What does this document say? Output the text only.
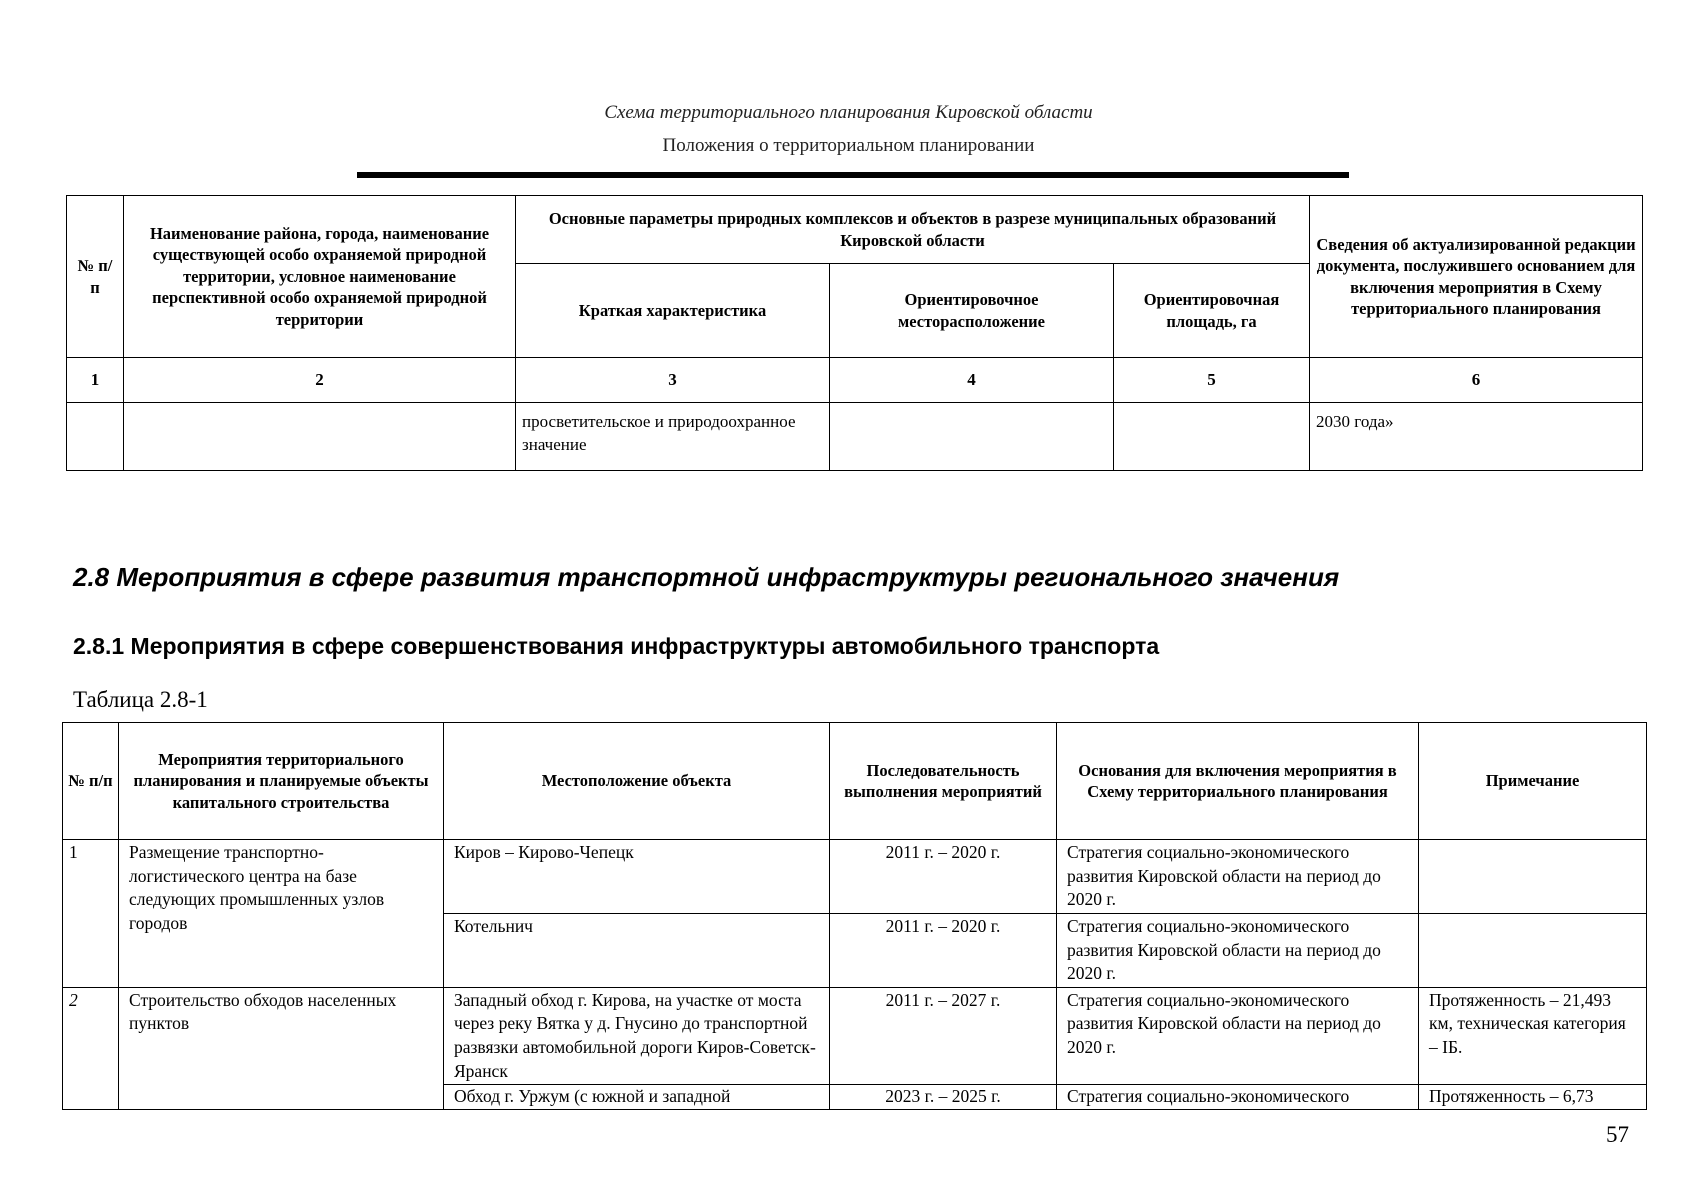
Схема территориального планирования Кировской области
Положения о территориальном планировании
№ п/п	Наименование района, города, наименование существующей особо охраняемой природной территории, условное наименование перспективной особо охраняемой природной территории	Основные параметры природных комплексов и объектов в разрезе муниципальных образований Кировской области			Сведения об актуализированной редакции документа, послужившего основанием для включения мероприятия в Схему территориального планирования
		Краткая характеристика	Ориентировочное месторасположение	Ориентировочная площадь, га	
1	2	3	4	5	6
		просветительское и природоохранное значение			2030 года»
2.8 Мероприятия в сфере развития транспортной инфраструктуры регионального значения
2.8.1 Мероприятия в сфере совершенствования инфраструктуры автомобильного транспорта
Таблица 2.8-1
№ п/п	Мероприятия территориального планирования и планируемые объекты капитального строительства	Местоположение объекта	Последовательность выполнения мероприятий	Основания для включения мероприятия в Схему территориального планирования	Примечание
1	Размещение транспортно-логистического центра на базе следующих промышленных узлов городов	Киров – Кирово-Чепецк	2011 г. – 2020 г.	Стратегия социально-экономического развития Кировской области на период до 2020 г.	
		Котельнич	2011 г. – 2020 г.	Стратегия социально-экономического развития Кировской области на период до 2020 г.	
2	Строительство обходов населенных пунктов	Западный обход г. Кирова, на участке от моста через реку Вятка у д. Гнусино до транспортной развязки автомобильной дороги Киров-Советск-Яранск	2011 г. – 2027 г.	Стратегия социально-экономического развития Кировской области на период до 2020 г.	Протяженность – 21,493 км, техническая категория – IБ.
		Обход г. Уржум (с южной и западной	2023 г. – 2025 г.	Стратегия социально-экономического	Протяженность – 6,73
57
